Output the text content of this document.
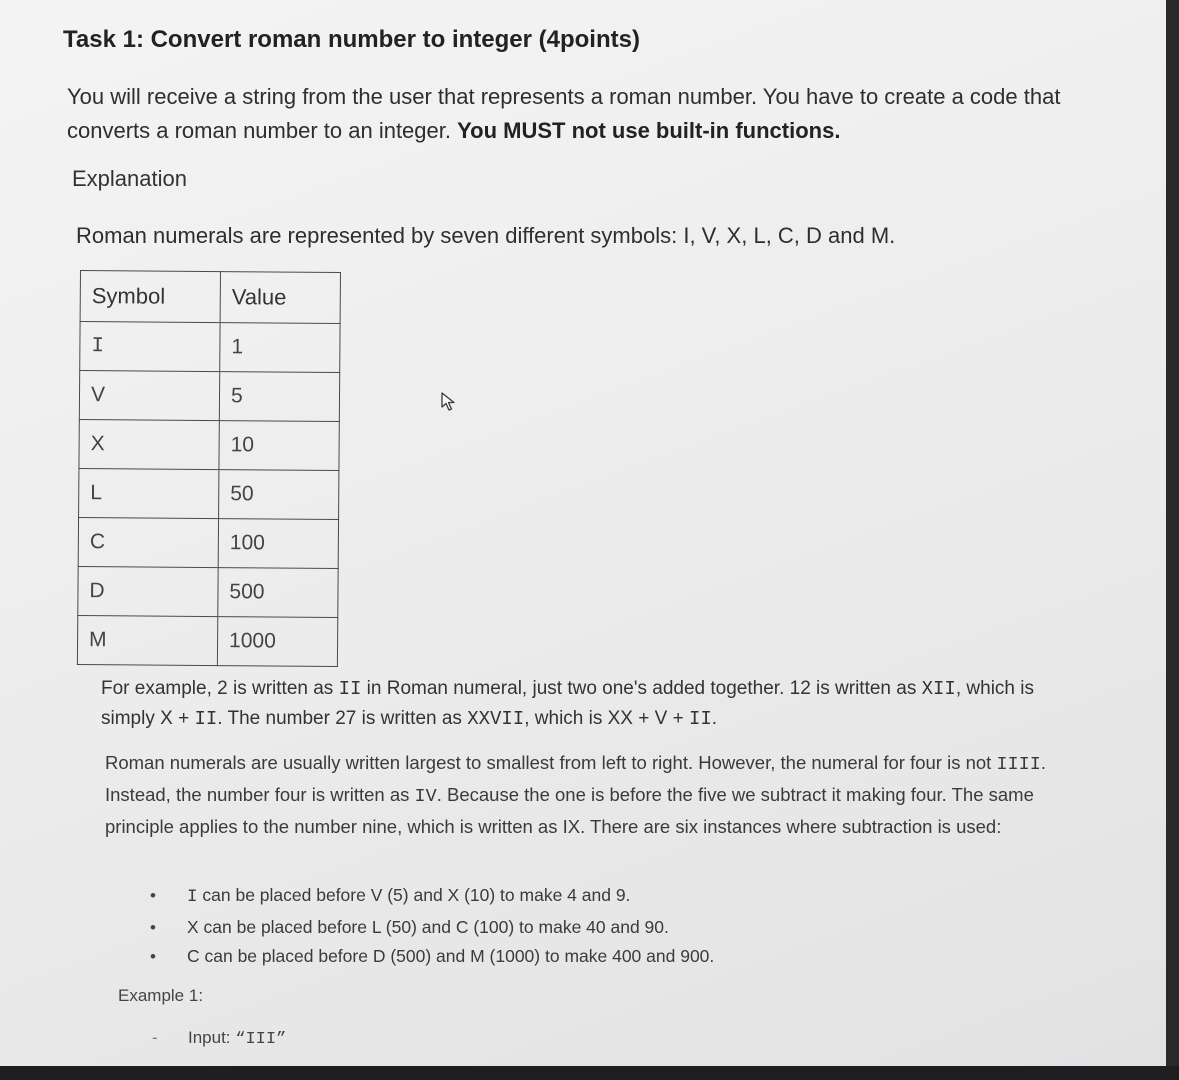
Task 1: Convert roman number to integer (4points)

You will receive a string from the user that represents a roman number. You have to create a code that converts a roman number to an integer. You MUST not use built-in functions.

Explanation

Roman numerals are represented by seven different symbols: I, V, X, L, C, D and M.

Symbol	Value
I	1
V	5
X	10
L	50
C	100
D	500
M	1000

For example, 2 is written as II in Roman numeral, just two one's added together. 12 is written as XII, which is simply X + II. The number 27 is written as XXVII, which is XX + V + II.

Roman numerals are usually written largest to smallest from left to right. However, the numeral for four is not IIII. Instead, the number four is written as IV. Because the one is before the five we subtract it making four. The same principle applies to the number nine, which is written as IX. There are six instances where subtraction is used:

• I can be placed before V (5) and X (10) to make 4 and 9.
• X can be placed before L (50) and C (100) to make 40 and 90.
• C can be placed before D (500) and M (1000) to make 400 and 900.

Example 1:

- Input: “III”
